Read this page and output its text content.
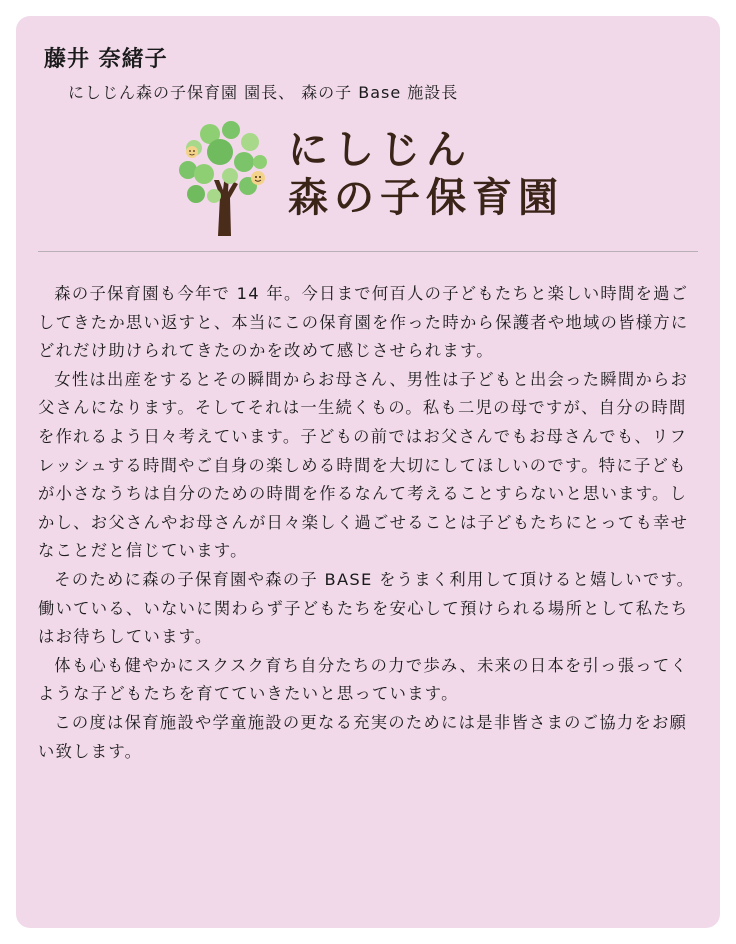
藤井 奈緒子
にしじん森の子保育園 園長、 森の子 Base 施設長
にしじん
森の子保育園

森の子保育園も今年で 14 年。今日まで何百人の子どもたちと楽しい時間を過ごしてきたか思い返すと、本当にこの保育園を作った時から保護者や地域の皆様方にどれだけ助けられてきたのかを改めて感じさせられます。

女性は出産をするとその瞬間からお母さん、男性は子どもと出会った瞬間からお父さんになります。そしてそれは一生続くもの。私も二児の母ですが、自分の時間を作れるよう日々考えています。子どもの前ではお父さんでもお母さんでも、リフレッシュする時間やご自身の楽しめる時間を大切にしてほしいのです。特に子どもが小さなうちは自分のための時間を作るなんて考えることすらないと思います。しかし、お父さんやお母さんが日々楽しく過ごせることは子どもたちにとっても幸せなことだと信じています。

そのために森の子保育園や森の子 BASE をうまく利用して頂けると嬉しいです。働いている、いないに関わらず子どもたちを安心して預けられる場所として私たちはお待ちしています。

体も心も健やかにスクスク育ち自分たちの力で歩み、未来の日本を引っ張ってくような子どもたちを育てていきたいと思っています。

この度は保育施設や学童施設の更なる充実のためには是非皆さまのご協力をお願い致します。
